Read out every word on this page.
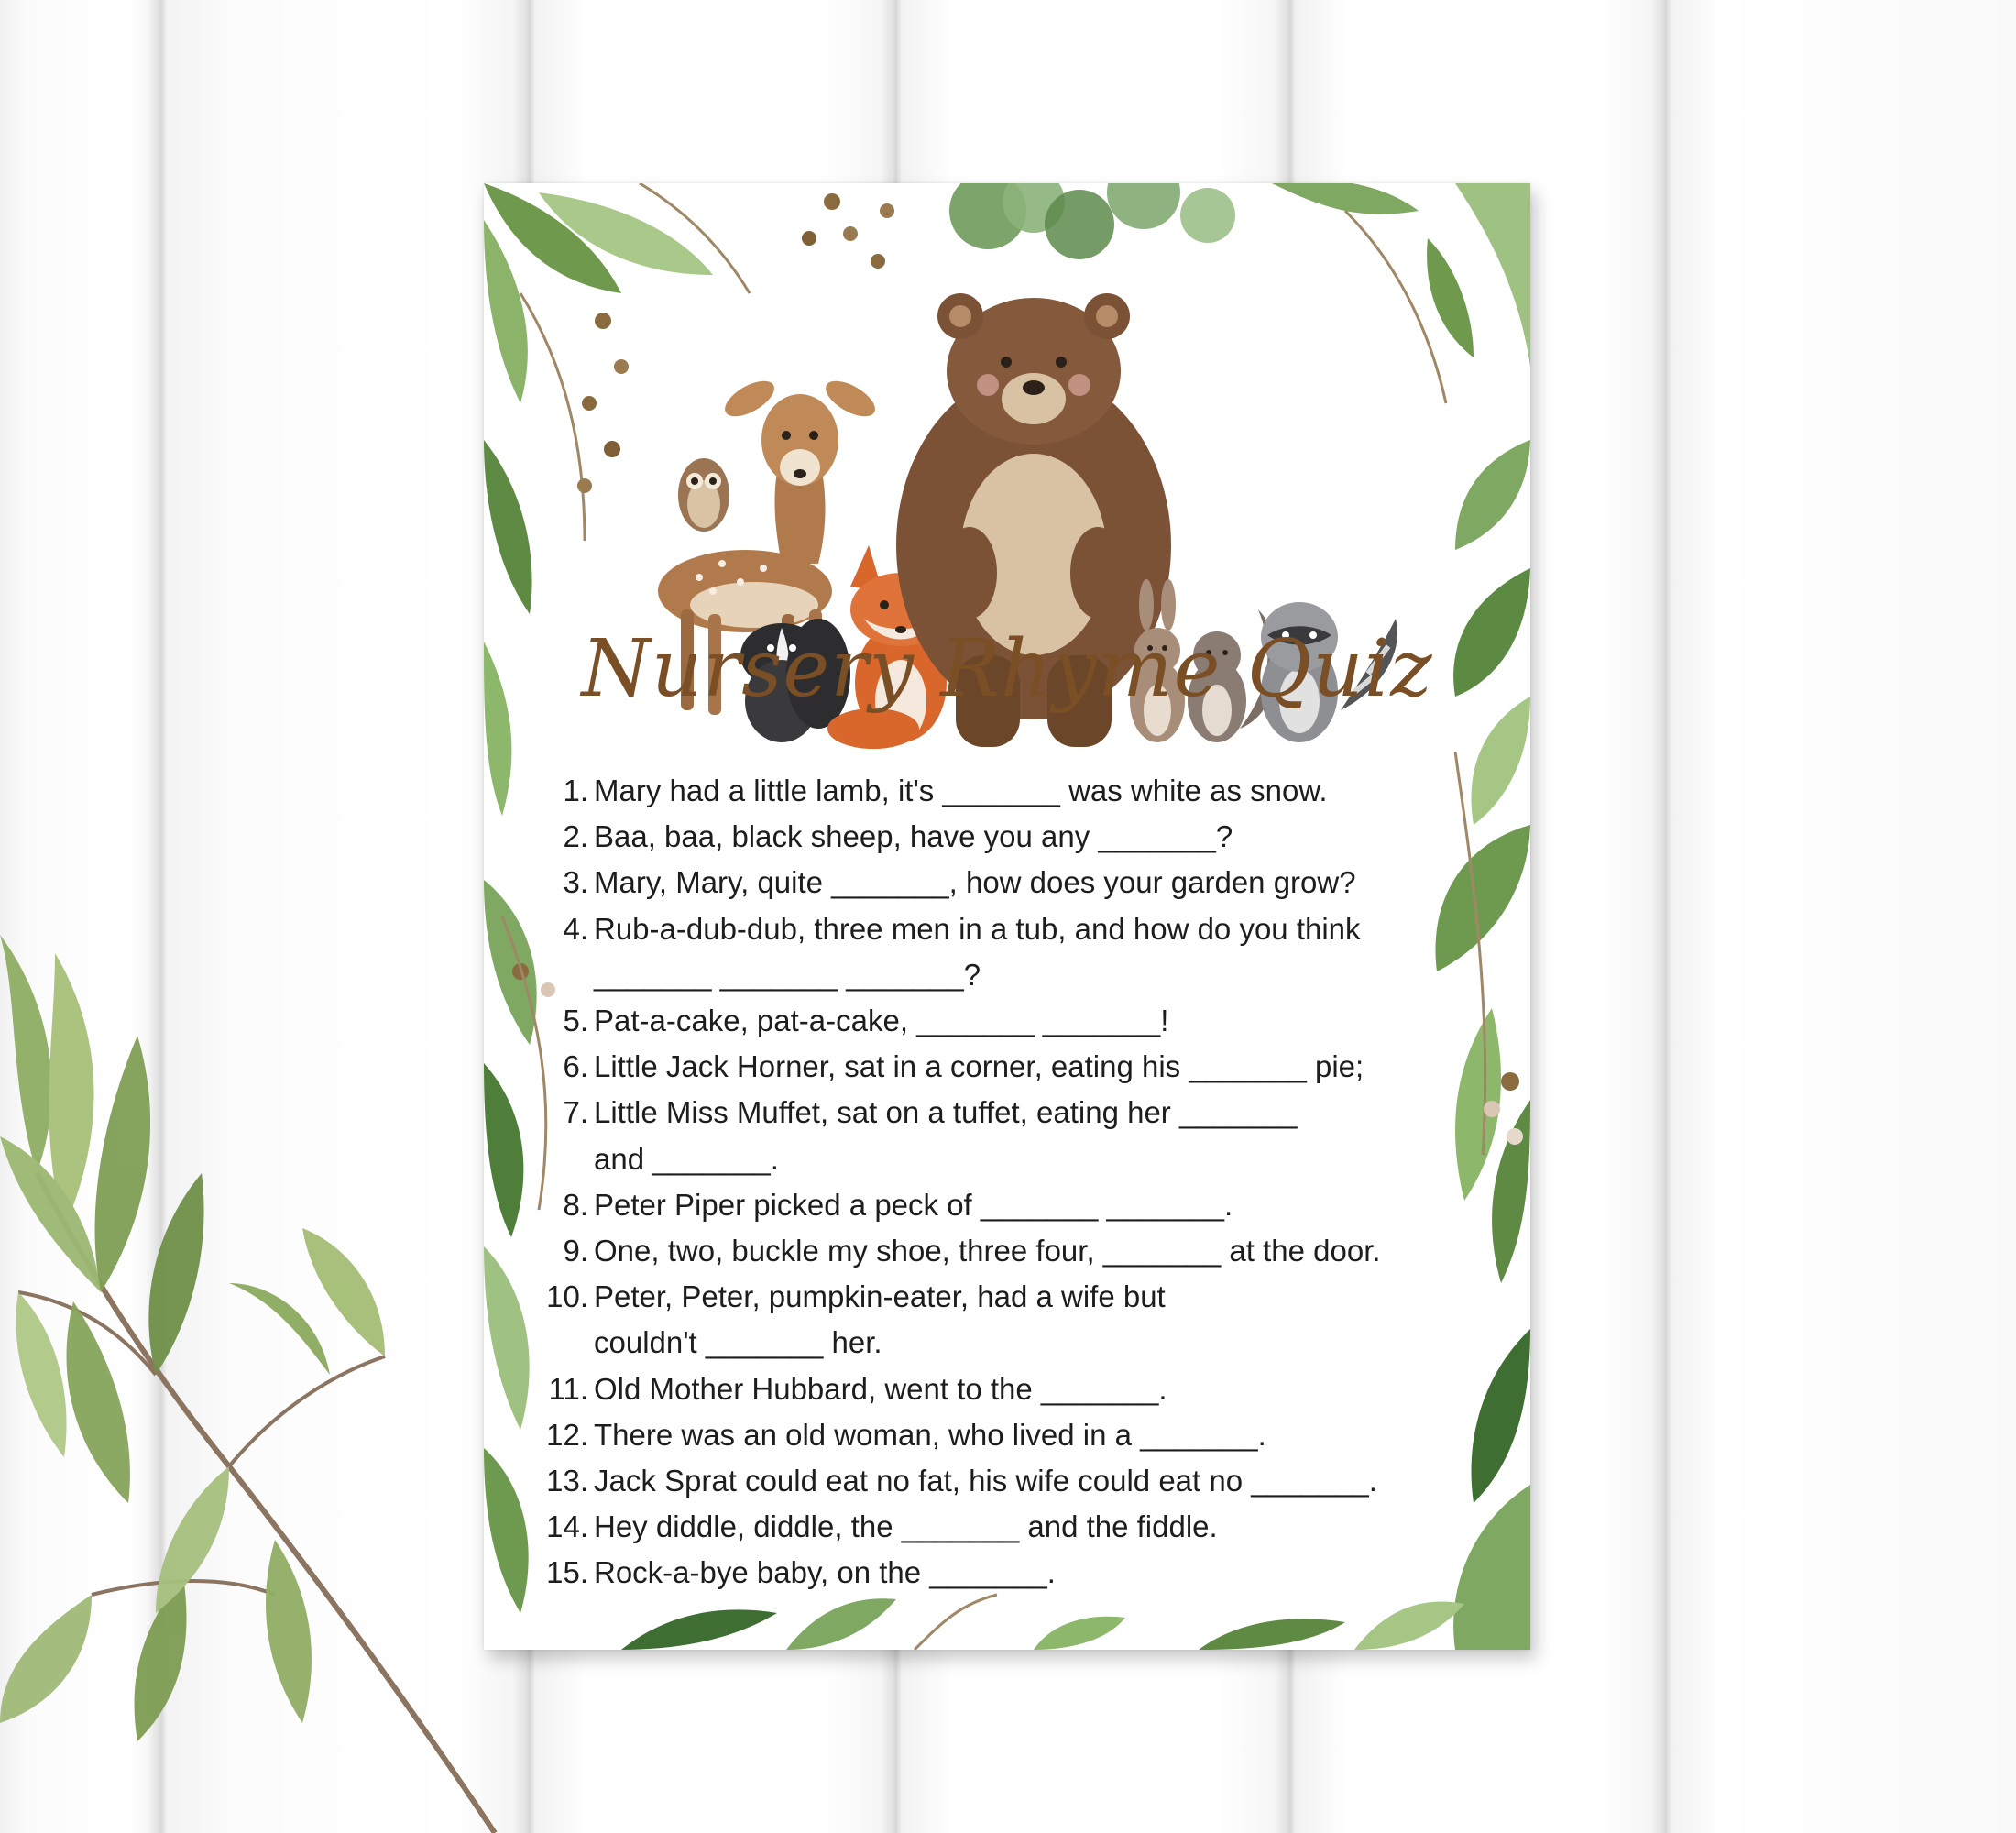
Nursery Rhyme Quiz
1. Mary had a little lamb, it's _______ was white as snow.
2. Baa, baa, black sheep, have you any _______?
3. Mary, Mary, quite _______, how does your garden grow?
4. Rub-a-dub-dub, three men in a tub, and how do you think
_______ _______ _______?
5. Pat-a-cake, pat-a-cake, _______ _______!
6. Little Jack Horner, sat in a corner, eating his _______ pie;
7. Little Miss Muffet, sat on a tuffet, eating her _______
and _______.
8. Peter Piper picked a peck of _______ _______.
9. One, two, buckle my shoe, three four, _______ at the door.
10. Peter, Peter, pumpkin-eater, had a wife but
couldn't _______ her.
11. Old Mother Hubbard, went to the _______.
12. There was an old woman, who lived in a _______.
13. Jack Sprat could eat no fat, his wife could eat no _______.
14. Hey diddle, diddle, the _______ and the fiddle.
15. Rock-a-bye baby, on the _______.
